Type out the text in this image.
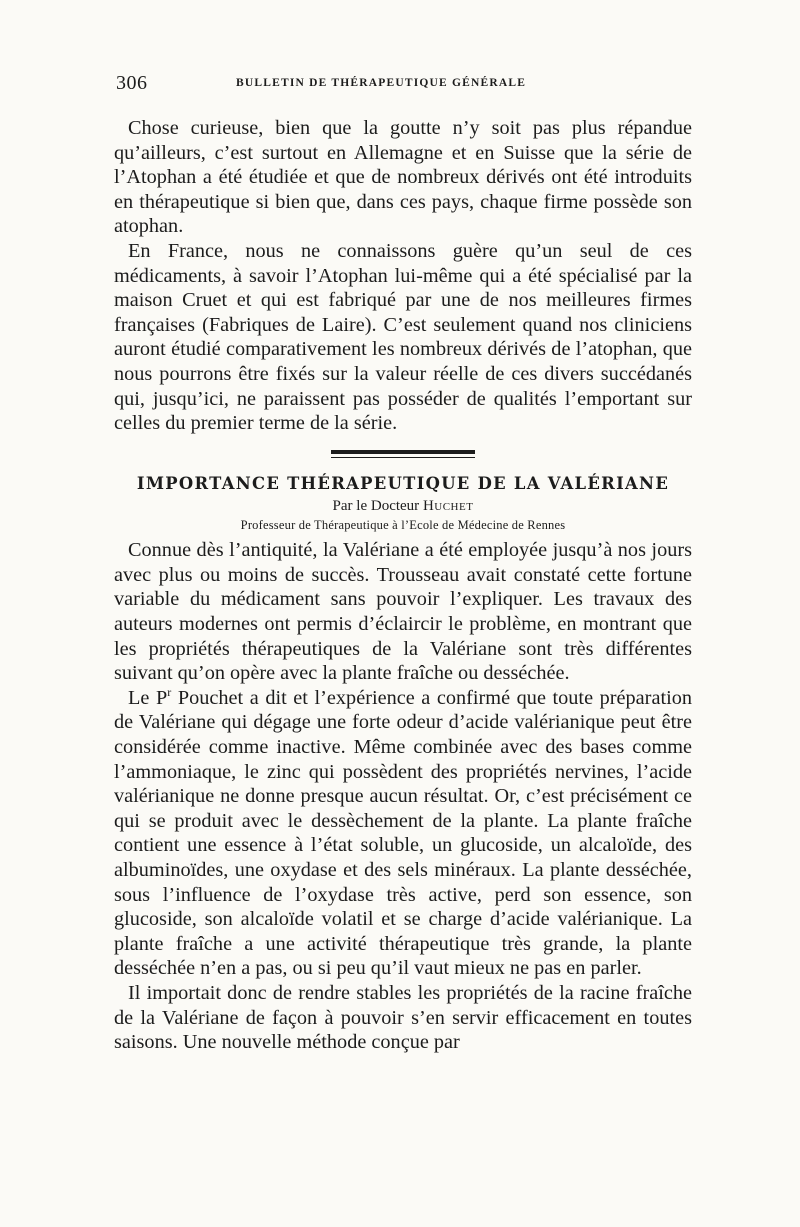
306	BULLETIN DE THÉRAPEUTIQUE GÉNÉRALE

Chose curieuse, bien que la goutte n’y soit pas plus répandue qu’ailleurs, c’est surtout en Allemagne et en Suisse que la série de l’Atophan a été étudiée et que de nombreux dérivés ont été introduits en thérapeutique si bien que, dans ces pays, chaque firme possède son atophan.

En France, nous ne connaissons guère qu’un seul de ces médicaments, à savoir l’Atophan lui-même qui a été spécialisé par la maison Cruet et qui est fabriqué par une de nos meilleures firmes françaises (Fabriques de Laire). C’est seulement quand nos cliniciens auront étudié comparativement les nombreux dérivés de l’atophan, que nous pourrons être fixés sur la valeur réelle de ces divers succédanés qui, jusqu’ici, ne paraissent pas posséder de qualités l’emportant sur celles du premier terme de la série.

IMPORTANCE THÉRAPEUTIQUE DE LA VALÉRIANE
Par le Docteur Huchet
Professeur de Thérapeutique à l’Ecole de Médecine de Rennes

Connue dès l’antiquité, la Valériane a été employée jusqu’à nos jours avec plus ou moins de succès. Trousseau avait constaté cette fortune variable du médicament sans pouvoir l’expliquer. Les travaux des auteurs modernes ont permis d’éclaircir le problème, en montrant que les propriétés thérapeutiques de la Valériane sont très différentes suivant qu’on opère avec la plante fraîche ou desséchée.

Le $P^r$ Pouchet a dit et l’expérience a confirmé que toute préparation de Valériane qui dégage une forte odeur d’acide valérianique peut être considérée comme inactive. Même combinée avec des bases comme l’ammoniaque, le zinc qui possèdent des propriétés nervines, l’acide valérianique ne donne presque aucun résultat. Or, c’est précisément ce qui se produit avec le dessèchement de la plante. La plante fraîche contient une essence à l’état soluble, un glucoside, un alcaloïde, des albuminoïdes, une oxydase et des sels minéraux. La plante desséchée, sous l’influence de l’oxydase très active, perd son essence, son glucoside, son alcaloïde volatil et se charge d’acide valérianique. La plante fraîche a une activité thérapeutique très grande, la plante desséchée n’en a pas, ou si peu qu’il vaut mieux ne pas en parler.

Il importait donc de rendre stables les propriétés de la racine fraîche de la Valériane de façon à pouvoir s’en servir efficacement en toutes saisons. Une nouvelle méthode conçue par
